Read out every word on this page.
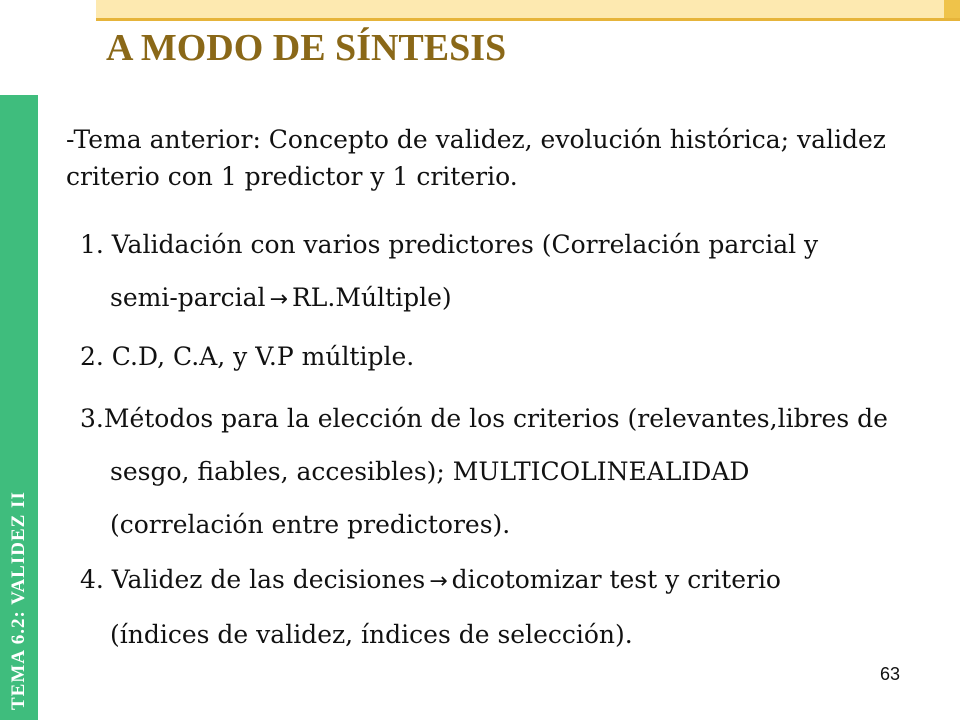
TEMA 6.2: VALIDEZ II
A MODO DE SÍNTESIS

-Tema anterior: Concepto de validez, evolución histórica; validez criterio con 1 predictor y 1 criterio.

1. Validación con varios predictores (Correlación parcial y
semi-parcial → RL.Múltiple)
2. C.D, C.A, y V.P múltiple.
3.Métodos para la elección de los criterios (relevantes,libres de
sesgo, fiables, accesibles); MULTICOLINEALIDAD
(correlación entre predictores).
4. Validez de las decisiones → dicotomizar test y criterio
(índices de validez, índices de selección).
63
